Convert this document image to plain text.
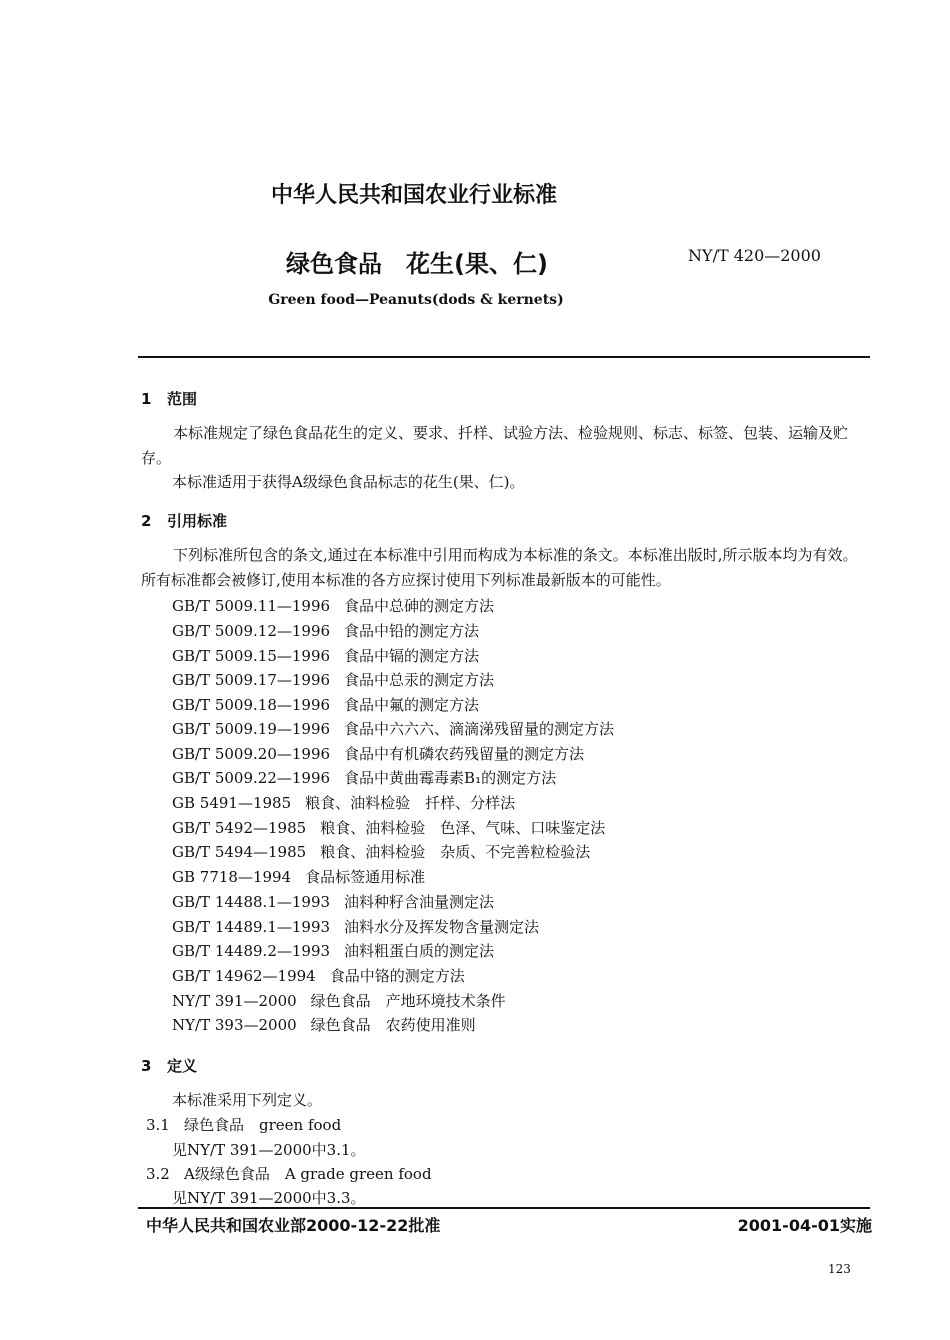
中华人民共和国农业行业标准
绿色食品　花生(果、仁)	NY/T 420—2000
Green food—Peanuts(dods & kernets)
1 范围
本标准规定了绿色食品花生的定义、要求、扦样、试验方法、检验规则、标志、标签、包装、运输及贮存。
本标准适用于获得A级绿色食品标志的花生(果、仁)。
2 引用标准
下列标准所包含的条文,通过在本标准中引用而构成为本标准的条文。本标准出版时,所示版本均为有效。所有标准都会被修订,使用本标准的各方应探讨使用下列标准最新版本的可能性。
GB/T 5009.11—1996 食品中总砷的测定方法
GB/T 5009.12—1996 食品中铅的测定方法
GB/T 5009.15—1996 食品中镉的测定方法
GB/T 5009.17—1996 食品中总汞的测定方法
GB/T 5009.18—1996 食品中氟的测定方法
GB/T 5009.19—1996 食品中六六六、滴滴涕残留量的测定方法
GB/T 5009.20—1996 食品中有机磷农药残留量的测定方法
GB/T 5009.22—1996 食品中黄曲霉毒素B₁的测定方法
GB 5491—1985 粮食、油料检验　扦样、分样法
GB/T 5492—1985 粮食、油料检验　色泽、气味、口味鉴定法
GB/T 5494—1985 粮食、油料检验　杂质、不完善粒检验法
GB 7718—1994 食品标签通用标准
GB/T 14488.1—1993 油料种籽含油量测定法
GB/T 14489.1—1993 油料水分及挥发物含量测定法
GB/T 14489.2—1993 油料粗蛋白质的测定法
GB/T 14962—1994 食品中铬的测定方法
NY/T 391—2000 绿色食品　产地环境技术条件
NY/T 393—2000 绿色食品　农药使用准则
3 定义
本标准采用下列定义。
3.1 绿色食品　green food
见NY/T 391—2000中3.1。
3.2 A级绿色食品　A grade green food
见NY/T 391—2000中3.3。
中华人民共和国农业部2000-12-22批准	2001-04-01实施
123
